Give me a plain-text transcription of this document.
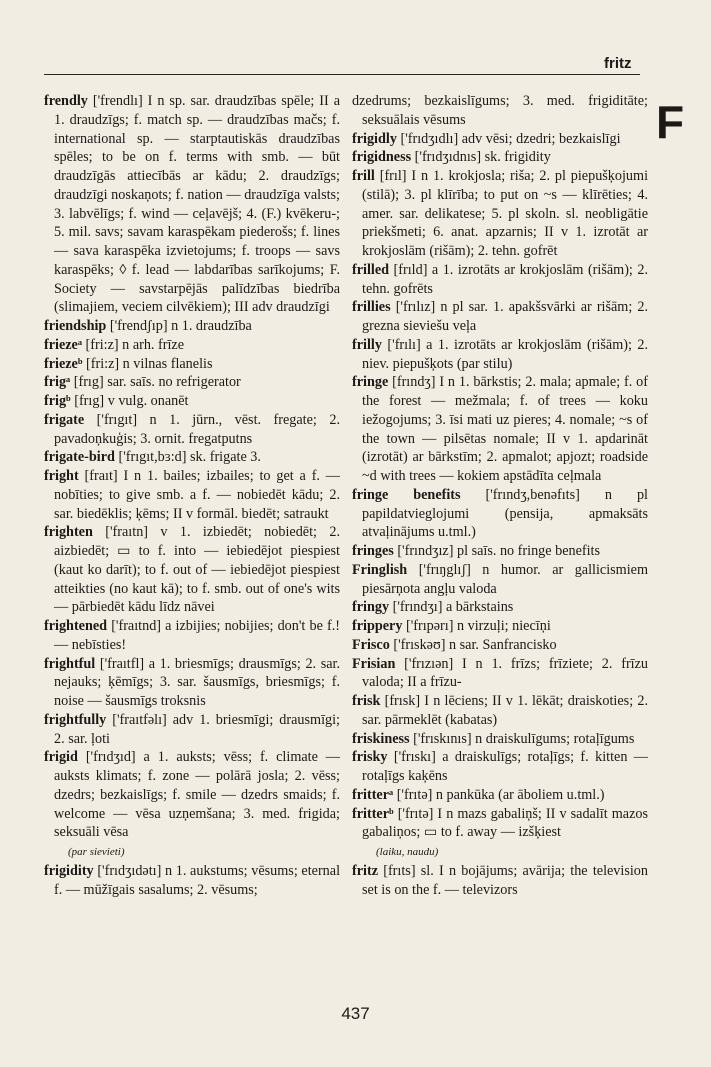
fritz
F
frendly ['frendlı] I n sp. sar. draudzības spēle; II a 1. draudzīgs; f. match sp. — draudzības mačs; f. international sp. — starptautiskās draudzības spēles; to be on f. terms with smb. — būt draudzīgās attiecībās ar kādu; 2. draudzīgs; draudzīgi noskaņots; f. nation — draudzīga valsts; 3. labvēlīgs; f. wind — ceļavējš; 4. (F.) kvēkeru-; 5. mil. savs; savam karaspēkam piederošs; f. lines — sava karaspēka izvietojums; f. troops — savs karaspēks; ◊ f. lead — labdarības sarīkojums; F. Society — savstarpējās palīdzības biedrība (slimajiem, veciem cilvēkiem); III adv draudzīgi
friendship ['frendʃıp] n 1. draudzība
friezeᵃ [fri:z] n arh. frīze
friezeᵇ [fri:z] n vilnas flanelis
frigᵃ [frıg] sar. saīs. no refrigerator
frigᵇ [frıg] v vulg. onanēt
frigate ['frıgıt] n 1. jūrn., vēst. fregate; 2. pavadoņkuģis; 3. ornit. fregatputns
frigate-bird ['frıgıt,bɜ:d] sk. frigate 3.
fright [fraıt] I n 1. bailes; izbailes; to get a f. — nobīties; to give smb. a f. — nobiedēt kādu; 2. sar. biedēklis; ķēms; II v formāl. biedēt; satraukt
frighten ['fraıtn] v 1. izbiedēt; nobiedēt; 2. aizbiedēt; ▭ to f. into — iebiedējot piespiest (kaut ko darīt); to f. out of — iebiedējot piespiest atteikties (no kaut kā); to f. smb. out of one's wits — pārbiedēt kādu līdz nāvei
frightened ['fraıtnd] a izbijies; nobijies; don't be f.! — nebīsties!
frightful ['fraıtfl] a 1. briesmīgs; drausmīgs; 2. sar. nejauks; ķēmīgs; 3. sar. šausmīgs, briesmīgs; f. noise — šausmīgs troksnis
frightfully ['fraıtfəlı] adv 1. briesmīgi; drausmīgi; 2. sar. ļoti
frigid ['frıdʒıd] a 1. auksts; vēss; f. climate — auksts klimats; f. zone — polārā josla; 2. vēss; dzedrs; bezkaislīgs; f. smile — dzedrs smaids; f. welcome — vēsa uzņemšana; 3. med. frigida; seksuāli vēsa
(par sievieti)
frigidity ['frıdʒıdətı] n 1. aukstums; vēsums; eternal f. — mūžīgais sasalums; 2. vēsums;
dzedrums; bezkaislīgums; 3. med. frigiditāte; seksuālais vēsums
frigidly ['frıdʒıdlı] adv vēsi; dzedri; bezkaislīgi
frigidness ['frıdʒıdnıs] sk. frigidity
frill [frıl] I n 1. krokjosla; riša; 2. pl piepušķojumi (stilā); 3. pl klīrība; to put on ~s — klīrēties; 4. amer. sar. delikatese; 5. pl skoln. sl. neobligātie priekšmeti; 6. anat. apzarnis; II v 1. izrotāt ar krokjoslām (rišām); 2. tehn. gofrēt
frilled [frıld] a 1. izrotāts ar krokjoslām (rišām); 2. tehn. gofrēts
frillies ['frılız] n pl sar. 1. apakšsvārki ar rišām; 2. grezna sieviešu veļa
frilly ['frılı] a 1. izrotāts ar krokjoslām (rišām); 2. niev. piepušķots (par stilu)
fringe [frındʒ] I n 1. bārkstis; 2. mala; apmale; f. of the forest — mežmala; f. of trees — koku iežogojums; 3. īsi mati uz pieres; 4. nomale; ~s of the town — pilsētas nomale; II v 1. apdarināt (izrotāt) ar bārkstīm; 2. apmalot; apjozt; roadside ~d with trees — kokiem apstādīta ceļmala
fringe benefits ['frındʒ,benəfıts] n pl papildatvieglojumi (pensija, apmaksāts atvaļinājums u.tml.)
fringes ['frındʒız] pl saīs. no fringe benefits
Fringlish ['frıŋglıʃ] n humor. ar gallicismiem piesārņota angļu valoda
fringy ['frındʒı] a bārkstains
frippery ['frıpərı] n virzuļi; niecīņi
Frisco ['frıskəʊ] n sar. Sanfrancisko
Frisian ['frızıən] I n 1. frīzs; frīziete; 2. frīzu valoda; II a frīzu-
frisk [frısk] I n lēciens; II v 1. lēkāt; draiskoties; 2. sar. pārmeklēt (kabatas)
friskiness ['frıskınıs] n draiskulīgums; rotaļīgums
frisky ['frıskı] a draiskulīgs; rotaļīgs; f. kitten — rotaļīgs kaķēns
fritterᵃ ['frıtə] n pankūka (ar āboliem u.tml.)
fritterᵇ ['frıtə] I n mazs gabaliņš; II v sadalīt mazos gabaliņos; ▭ to f. away — izšķiest
(laiku, naudu)
fritz [frıts] sl. I n bojājums; avārija; the television set is on the f. — televizors
437
